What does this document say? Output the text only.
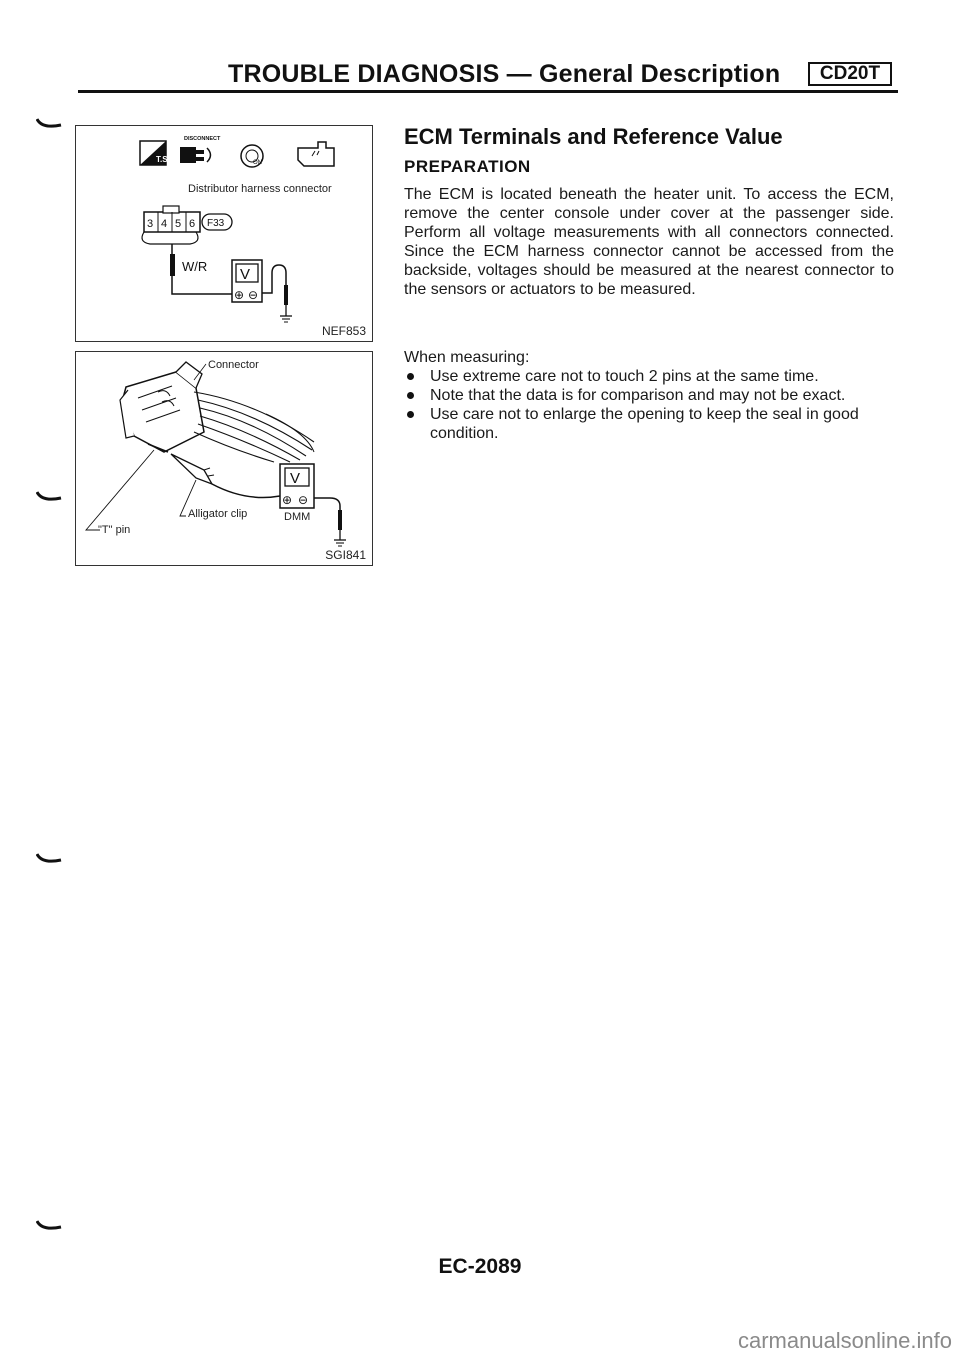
TROUBLE DIAGNOSIS — General Description	CD20T
T.S.
DISCONNECT
ON
Distributor harness connector
3 4 5 6 F33
W/R V
⊕ ⊖
NEF853
Connector
"T" pin
Alligator clip
V
⊕ ⊖
DMM
SGI841
ECM Terminals and Reference Value
PREPARATION
The ECM is located beneath the heater unit. To access the ECM, remove the center console under cover at the passenger side. Perform all voltage measurements with all connectors connected. Since the ECM harness connector cannot be accessed from the backside, voltages should be measured at the nearest connector to the sensors or actuators to be measured.
When measuring:
Use extreme care not to touch 2 pins at the same time.
Note that the data is for comparison and may not be exact.
Use care not to enlarge the opening to keep the seal in good condition.
EC-2089
carmanualsonline.info
